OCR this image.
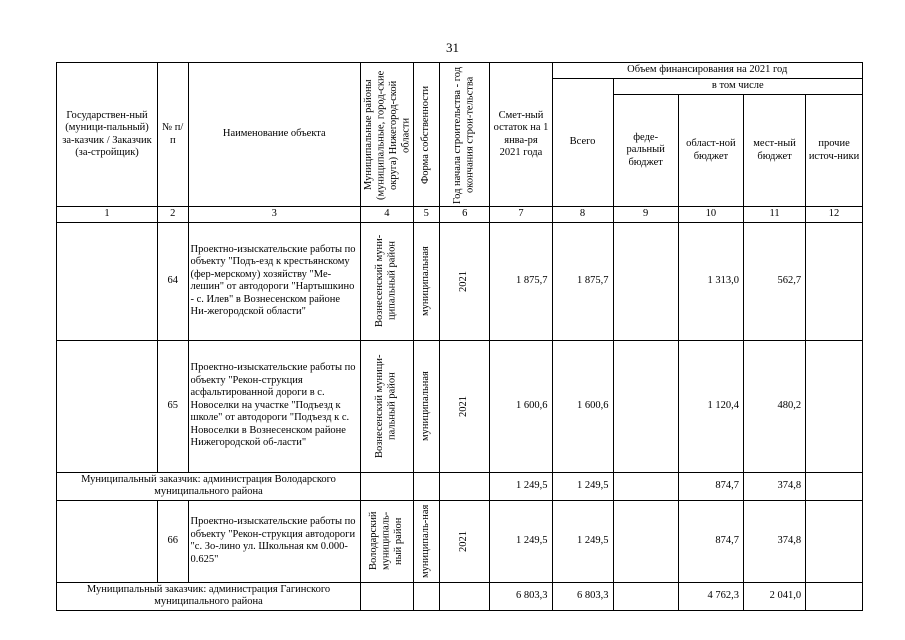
31
Государствен-ный (муници-пальный) за-казчик / Заказчик (за-стройщик)	№ п/п	Наименование объекта	Муниципальные районы (муниципальные, город-ские округа) Нижегород-ской области	Форма собственности	Год начала строительства - год окончания строи-тельства	Смет-ный остаток на 1 янва-ря 2021 года	Объем финансирования на 2021 год				
							Всего	в том числе			
								феде-ральный бюджет	област-ной бюджет	мест-ный бюджет	прочие источ-ники
1	2	3	4	5	6	7	8	9	10	11	12
	64	Проектно-изыскательские работы по объекту "Подъ-езд к крестьянскому (фер-мерскому) хозяйству "Ме-лешин" от автодороги "Нартышкино - с. Илев" в Вознесенском районе Ни-жегородской области"	Вознесенский муни-ципальный район	муниципальная	2021	1 875,7	1 875,7		1 313,0	562,7	
	65	Проектно-изыскательские работы по объекту "Рекон-струкция асфальтированной дороги в с. Новоселки на участке "Подъезд к школе" от автодороги "Подъезд к с. Новоселки в Вознесенском районе Нижегородской об-ласти"	Вознесенский муници-пальный район	муниципальная	2021	1 600,6	1 600,6		1 120,4	480,2	
Муниципальный заказчик: администрация Володарского муниципального района						1 249,5	1 249,5		874,7	374,8	
	66	Проектно-изыскательские работы по объекту "Рекон-струкция автодороги "с. Зо-лино ул. Школьная км 0.000-0.625"	Володарский муниципаль-ный район	муниципаль-ная	2021	1 249,5	1 249,5		874,7	374,8	
Муниципальный заказчик: администрация Гагинского муниципального района						6 803,3	6 803,3		4 762,3	2 041,0	
